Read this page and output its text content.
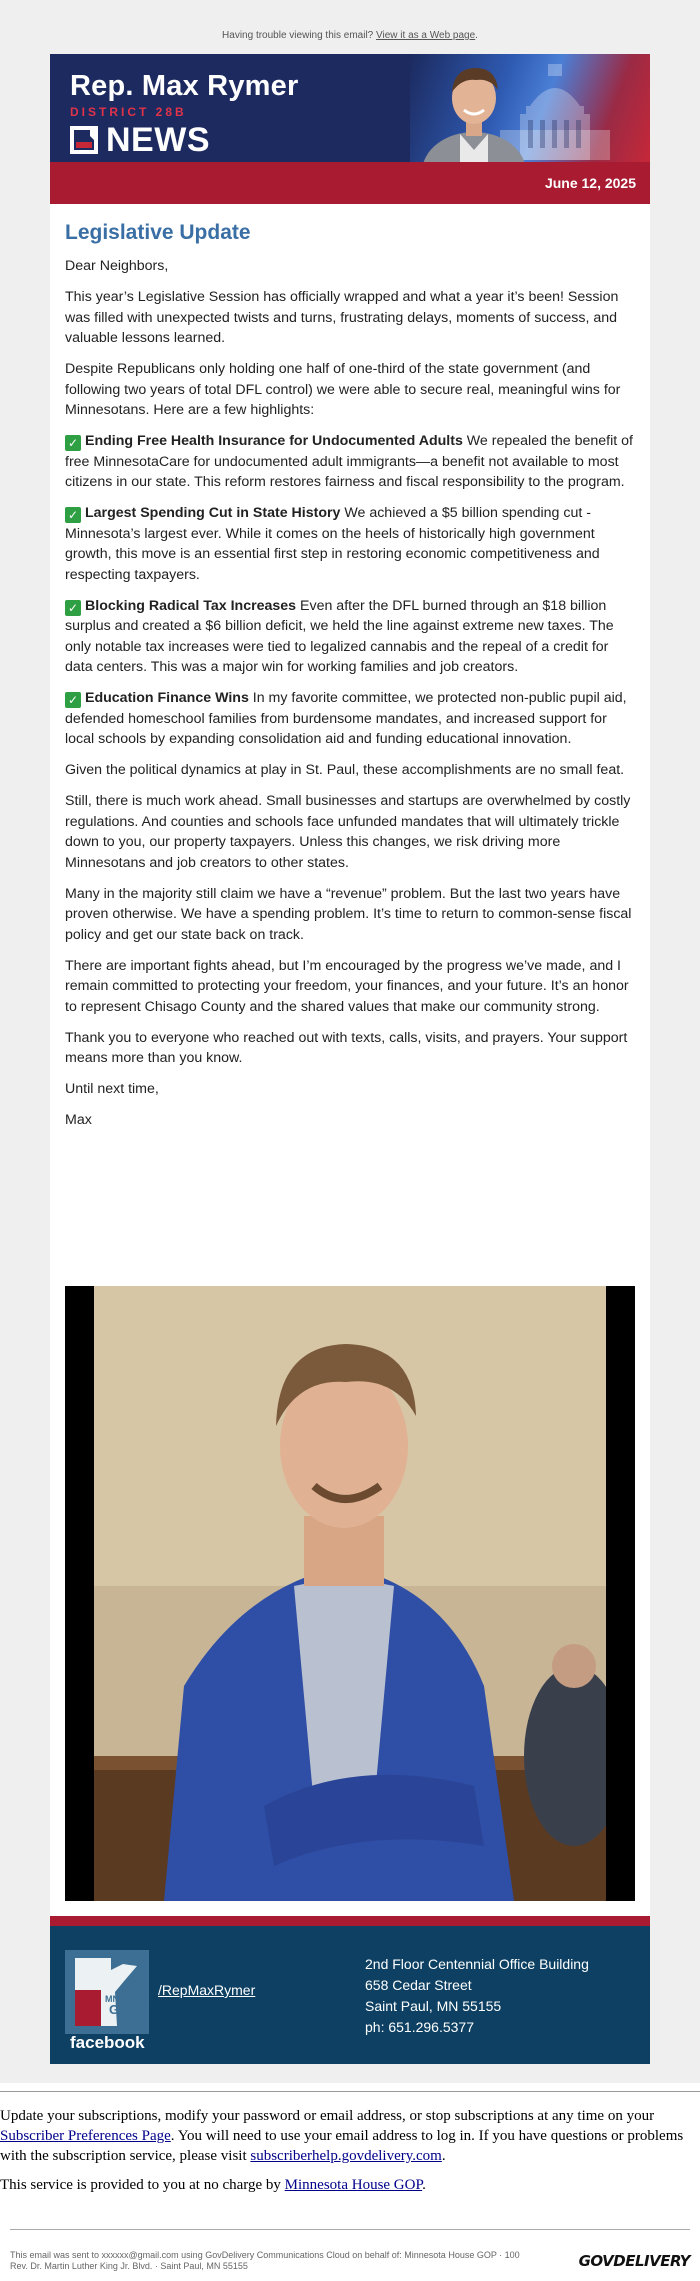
Having trouble viewing this email? View it as a Web page.
Rep. Max Rymer
DISTRICT 28B
NEWS
June 12, 2025
Legislative Update

Dear Neighbors,

This year’s Legislative Session has officially wrapped and what a year it’s been! Session was filled with unexpected twists and turns, frustrating delays, moments of success, and valuable lessons learned.

Despite Republicans only holding one half of one-third of the state government (and following two years of total DFL control) we were able to secure real, meaningful wins for Minnesotans. Here are a few highlights:

✓ Ending Free Health Insurance for Undocumented Adults We repealed the benefit of free MinnesotaCare for undocumented adult immigrants—a benefit not available to most citizens in our state. This reform restores fairness and fiscal responsibility to the program.

✓ Largest Spending Cut in State History We achieved a $5 billion spending cut - Minnesota’s largest ever. While it comes on the heels of historically high government growth, this move is an essential first step in restoring economic competitiveness and respecting taxpayers.

✓ Blocking Radical Tax Increases Even after the DFL burned through an $18 billion surplus and created a $6 billion deficit, we held the line against extreme new taxes. The only notable tax increases were tied to legalized cannabis and the repeal of a credit for data centers. This was a major win for working families and job creators.

✓ Education Finance Wins In my favorite committee, we protected non-public pupil aid, defended homeschool families from burdensome mandates, and increased support for local schools by expanding consolidation aid and funding educational innovation.

Given the political dynamics at play in St. Paul, these accomplishments are no small feat.

Still, there is much work ahead. Small businesses and startups are overwhelmed by costly regulations. And counties and schools face unfunded mandates that will ultimately trickle down to you, our property taxpayers. Unless this changes, we risk driving more Minnesotans and job creators to other states.

Many in the majority still claim we have a “revenue” problem. But the last two years have proven otherwise. We have a spending problem. It’s time to return to common-sense fiscal policy and get our state back on track.

There are important fights ahead, but I’m encouraged by the progress we’ve made, and I remain committed to protecting your freedom, your finances, and your future. It’s an honor to represent Chisago County and the shared values that make our community strong.

Thank you to everyone who reached out with texts, calls, visits, and prayers. Your support means more than you know.

Until next time,

Max

MN HOUSE
GOP
facebook
/RepMaxRymer
2nd Floor Centennial Office Building
658 Cedar Street
Saint Paul, MN 55155
ph: 651.296.5377
Update your subscriptions, modify your password or email address, or stop subscriptions at any time on your Subscriber Preferences Page. You will need to use your email address to log in. If you have questions or problems with the subscription service, please visit subscriberhelp.govdelivery.com.
This service is provided to you at no charge by Minnesota House GOP.
This email was sent to xxxxxx@gmail.com using GovDelivery Communications Cloud on behalf of: Minnesota House GOP · 100
Rev. Dr. Martin Luther King Jr. Blvd. · Saint Paul, MN 55155	GOVDELIVERY
